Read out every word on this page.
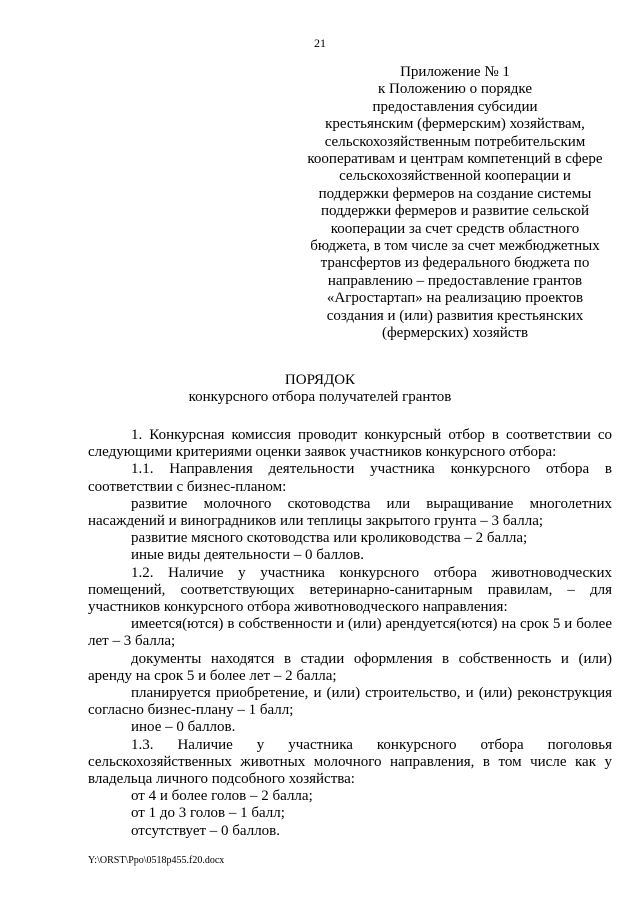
21
Приложение № 1
к Положению о порядке
предоставления субсидии
крестьянским (фермерским) хозяйствам,
сельскохозяйственным потребительским
кооперативам и центрам компетенций в сфере
сельскохозяйственной кооперации и
поддержки фермеров на создание системы
поддержки фермеров и развитие сельской
кооперации за счет средств областного
бюджета, в том числе за счет межбюджетных
трансфертов из федерального бюджета по
направлению – предоставление грантов
«Агростартап» на реализацию проектов
создания и (или) развития крестьянских
(фермерских) хозяйств
ПОРЯДОК
конкурсного отбора получателей грантов

1. Конкурсная комиссия проводит конкурсный отбор в соответствии со следующими критериями оценки заявок участников конкурсного отбора:

1.1. Направления деятельности участника конкурсного отбора в соответствии с бизнес-планом:

развитие молочного скотоводства или выращивание многолетних насаждений и виноградников или теплицы закрытого грунта – 3 балла;

развитие мясного скотоводства или кролиководства – 2 балла;

иные виды деятельности – 0 баллов.

1.2. Наличие у участника конкурсного отбора животноводческих помещений, соответствующих ветеринарно-санитарным правилам, – для участников конкурсного отбора животноводческого направления:

имеется(ются) в собственности и (или) арендуется(ются) на срок 5 и более лет – 3 балла;

документы находятся в стадии оформления в собственность и (или) аренду на срок 5 и более лет – 2 балла;

планируется приобретение, и (или) строительство, и (или) реконструкция согласно бизнес-плану – 1 балл;

иное – 0 баллов.

1.3. Наличие у участника конкурсного отбора поголовья сельскохозяйственных животных молочного направления, в том числе как у владельца личного подсобного хозяйства:

от 4 и более голов – 2 балла;

от 1 до 3 голов – 1 балл;

отсутствует – 0 баллов.

Y:\ORST\Ppo\0518p455.f20.docx
